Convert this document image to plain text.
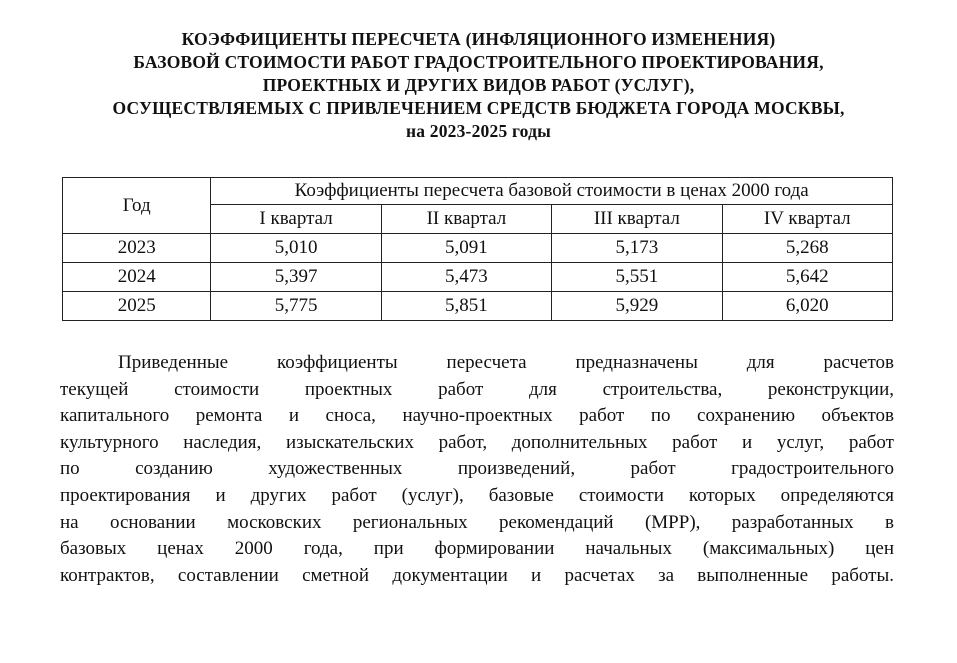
КОЭФФИЦИЕНТЫ ПЕРЕСЧЕТА (ИНФЛЯЦИОННОГО ИЗМЕНЕНИЯ)
БАЗОВОЙ СТОИМОСТИ РАБОТ ГРАДОСТРОИТЕЛЬНОГО ПРОЕКТИРОВАНИЯ,
ПРОЕКТНЫХ И ДРУГИХ ВИДОВ РАБОТ (УСЛУГ),
ОСУЩЕСТВЛЯЕМЫХ С ПРИВЛЕЧЕНИЕМ СРЕДСТВ БЮДЖЕТА ГОРОДА МОСКВЫ,
на 2023-2025 годы
Год	Коэффициенты пересчета базовой стоимости в ценах 2000 года			
	I квартал	II квартал	III квартал	IV квартал
2023	5,010	5,091	5,173	5,268
2024	5,397	5,473	5,551	5,642
2025	5,775	5,851	5,929	6,020
Приведенные коэффициенты пересчета предназначены для расчетов
текущей стоимости проектных работ для строительства, реконструкции,
капитального ремонта и сноса, научно-проектных работ по сохранению объектов
культурного наследия, изыскательских работ, дополнительных работ и услуг, работ
по созданию художественных произведений, работ градостроительного
проектирования и других работ (услуг), базовые стоимости которых определяются
на основании московских региональных рекомендаций (МРР), разработанных в
базовых ценах 2000 года, при формировании начальных (максимальных) цен
контрактов, составлении сметной документации и расчетах за выполненные работы.
